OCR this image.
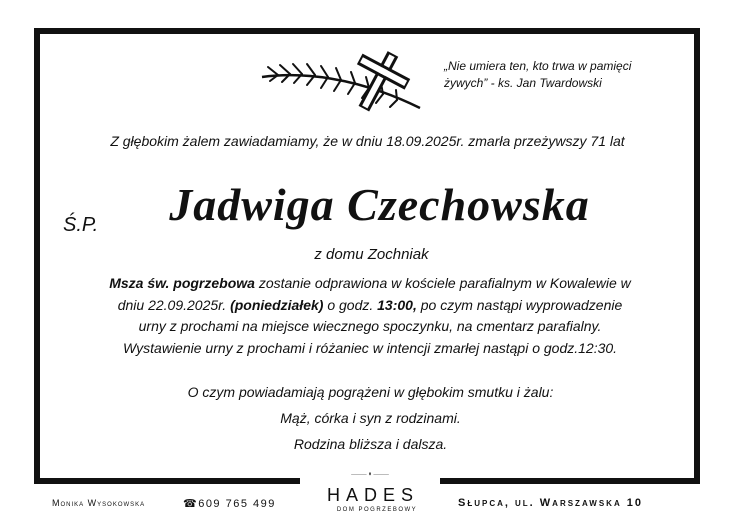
„Nie umiera ten, kto trwa w pamięci
żywych” - ks. Jan Twardowski
Z głębokim żalem zawiadamiamy, że w dniu 18.09.2025r. zmarła przeżywszy 71 lat
Ś.P.	Jadwiga Czechowska
z domu Zochniak
Msza św. pogrzebowa zostanie odprawiona w kościele parafialnym w Kowalewie w
dniu 22.09.2025r. (poniedziałek) o godz. 13:00, po czym nastąpi wyprowadzenie
urny z prochami na miejsce wiecznego spoczynku, na cmentarz parafialny.
Wystawienie urny z prochami i różaniec w intencji zmarłej nastąpi o godz.12:30.
O czym powiadamiają pogrążeni w głębokim smutku i żalu:
Mąż, córka i syn z rodzinami.
Rodzina bliższa i dalsza.
Monika Wysokowska	☎609 765 499	Słupca, ul. Warszawska 10
HADES
DOM POGRZEBOWY
